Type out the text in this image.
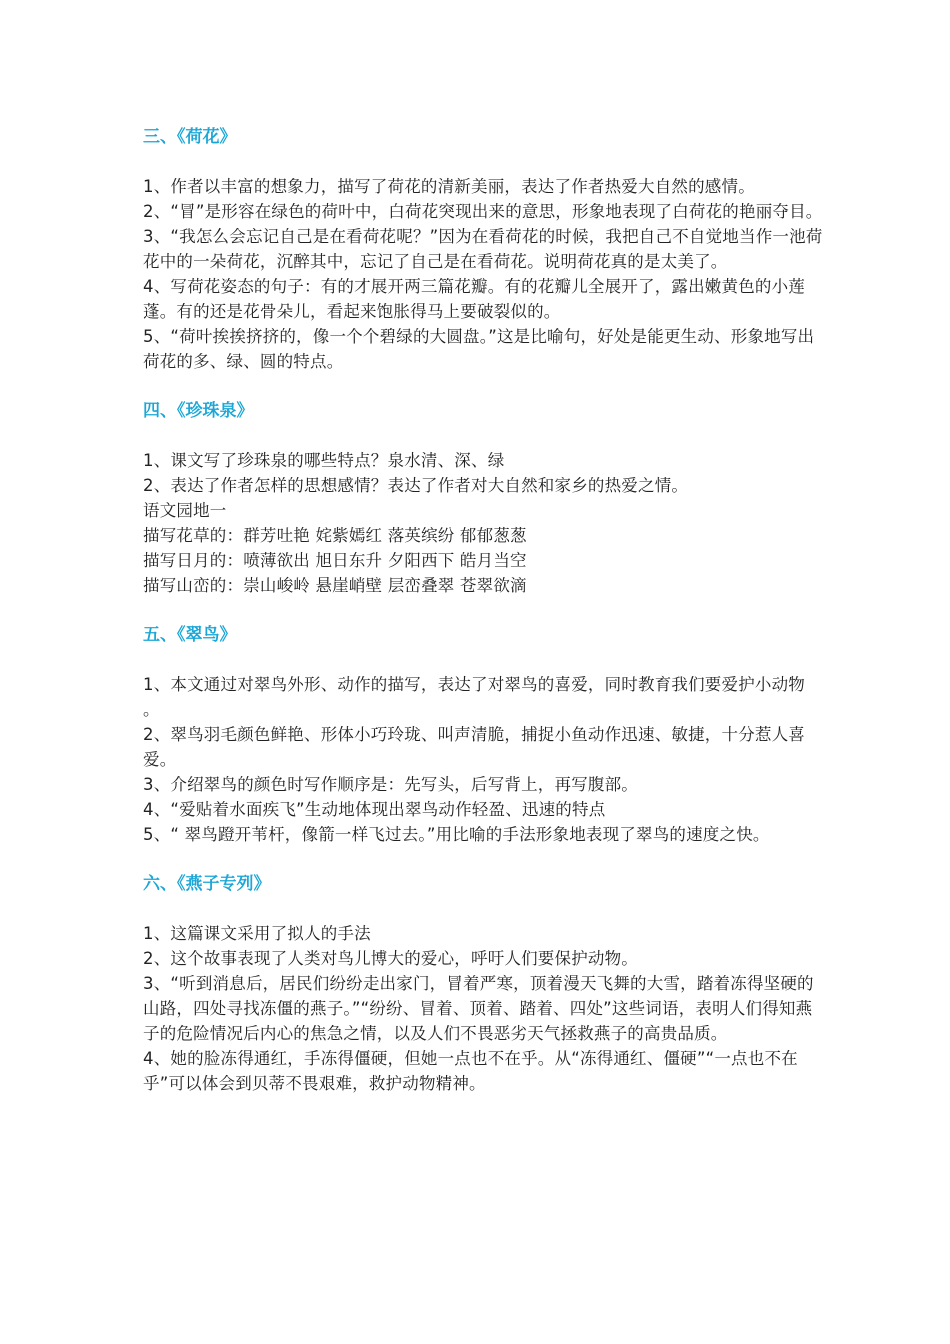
三、《荷花》

1、作者以丰富的想象力，描写了荷花的清新美丽，表达了作者热爱大自然的感情。

2、“冒”是形容在绿色的荷叶中，白荷花突现出来的意思，形象地表现了白荷花的艳丽夺目。

3、“我怎么会忘记自己是在看荷花呢？”因为在看荷花的时候，我把自己不自觉地当作一池荷花中的一朵荷花，沉醉其中，忘记了自己是在看荷花。说明荷花真的是太美了。

4、写荷花姿态的句子：有的才展开两三篇花瓣。有的花瓣儿全展开了，露出嫩黄色的小莲蓬。有的还是花骨朵儿，看起来饱胀得马上要破裂似的。

5、“荷叶挨挨挤挤的，像一个个碧绿的大圆盘。”这是比喻句，好处是能更生动、形象地写出荷花的多、绿、圆的特点。

四、《珍珠泉》

1、课文写了珍珠泉的哪些特点？泉水清、深、绿

2、表达了作者怎样的思想感情？表达了作者对大自然和家乡的热爱之情。

语文园地一

描写花草的：群芳吐艳 姹紫嫣红 落英缤纷 郁郁葱葱

描写日月的：喷薄欲出 旭日东升 夕阳西下 皓月当空

描写山峦的：崇山峻岭 悬崖峭壁 层峦叠翠 苍翠欲滴

五、《翠鸟》

1、本文通过对翠鸟外形、动作的描写，表达了对翠鸟的喜爱，同时教育我们要爱护小动物 。

2、翠鸟羽毛颜色鲜艳、形体小巧玲珑、叫声清脆，捕捉小鱼动作迅速、敏捷，十分惹人喜爱。

3、介绍翠鸟的颜色时写作顺序是：先写头，后写背上，再写腹部。

4、“爱贴着水面疾飞”生动地体现出翠鸟动作轻盈、迅速的特点

5、“ 翠鸟蹬开苇杆，像箭一样飞过去。”用比喻的手法形象地表现了翠鸟的速度之快。

六、《燕子专列》

1、这篇课文采用了拟人的手法

2、这个故事表现了人类对鸟儿博大的爱心，呼吁人们要保护动物。

3、“听到消息后，居民们纷纷走出家门，冒着严寒，顶着漫天飞舞的大雪，踏着冻得坚硬的山路，四处寻找冻僵的燕子。”“纷纷、冒着、顶着、踏着、四处”这些词语，表明人们得知燕子的危险情况后内心的焦急之情，以及人们不畏恶劣天气拯救燕子的高贵品质。

4、她的脸冻得通红，手冻得僵硬，但她一点也不在乎。从“冻得通红、僵硬”“一点也不在乎”可以体会到贝蒂不畏艰难，救护动物精神。
